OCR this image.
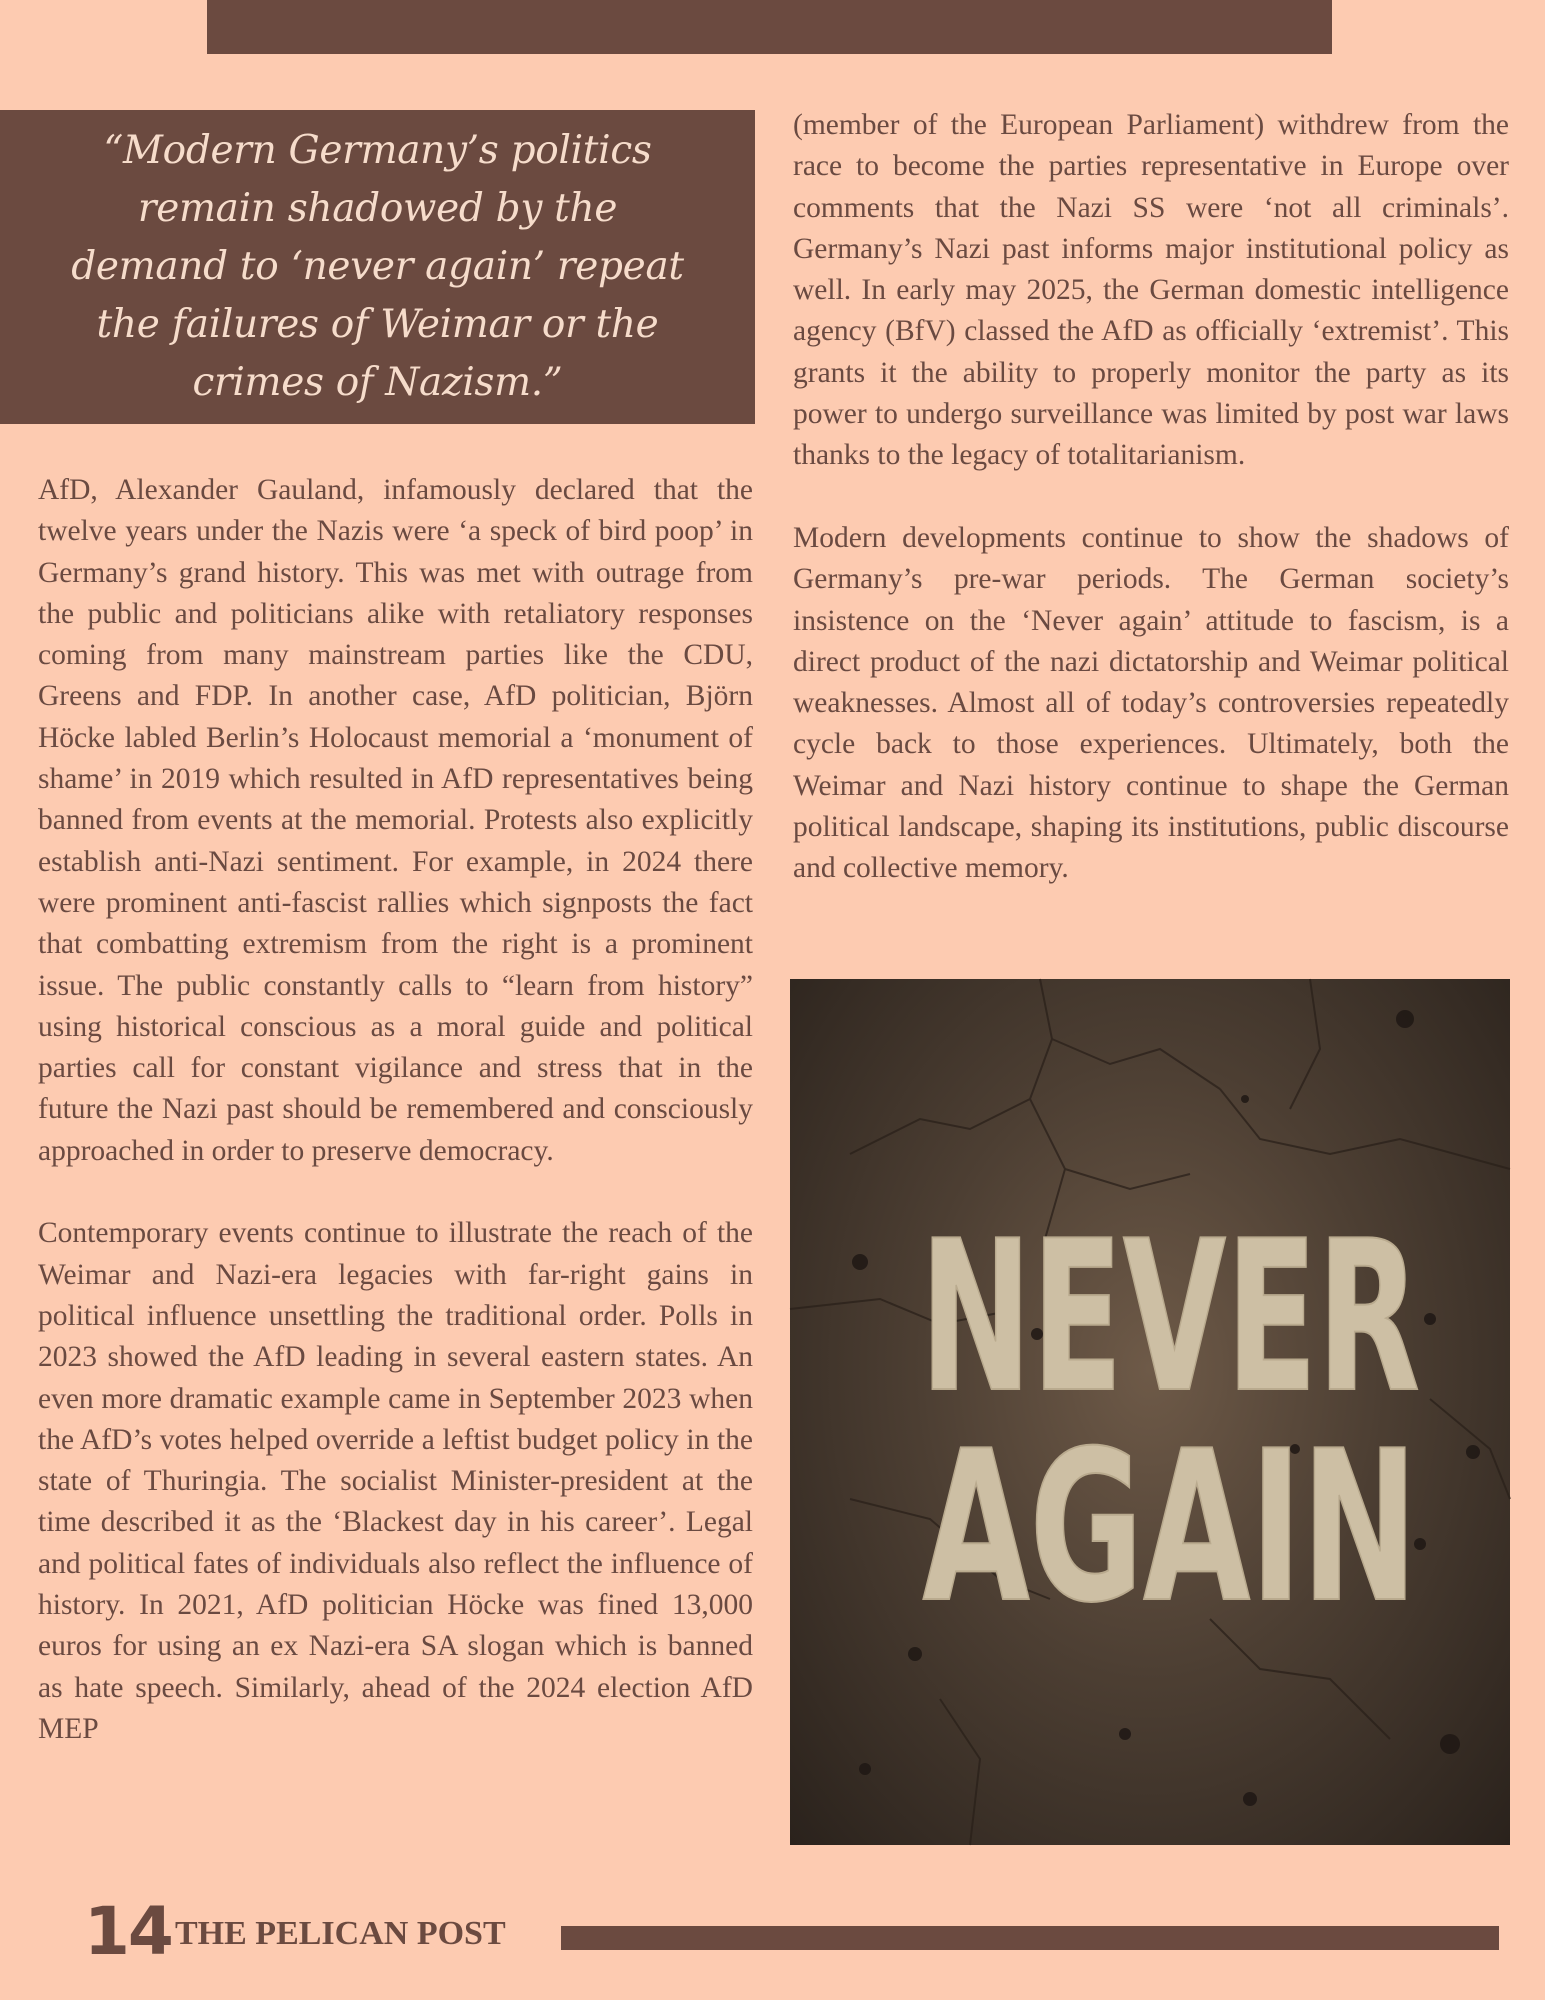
“Modern Germany’s politics remain shadowed by the demand to ‘never again’ repeat the failures of Weimar or the crimes of Nazism.”

AfD, Alexander Gauland, infamously declared that the twelve years under the Nazis were ‘a speck of bird poop’ in Germany’s grand history. This was met with outrage from the public and politicians alike with retaliatory responses coming from many mainstream parties like the CDU, Greens and FDP. In another case, AfD politician, Björn Höcke labled Berlin’s Holocaust memorial a ‘monument of shame’ in 2019 which resulted in AfD representatives being banned from events at the memorial. Protests also explicitly establish anti-Nazi sentiment. For example, in 2024 there were prominent anti-fascist rallies which signposts the fact that combatting extremism from the right is a prominent issue. The public constantly calls to “learn from history” using historical conscious as a moral guide and political parties call for constant vigilance and stress that in the future the Nazi past should be remembered and consciously approached in order to preserve democracy.

Contemporary events continue to illustrate the reach of the Weimar and Nazi-era legacies with far-right gains in political influence unsettling the traditional order. Polls in 2023 showed the AfD leading in several eastern states. An even more dramatic example came in September 2023 when the AfD’s votes helped override a leftist budget policy in the state of Thuringia. The socialist Minister-president at the time described it as the ‘Blackest day in his career’. Legal and political fates of individuals also reflect the influence of history. In 2021, AfD politician Höcke was fined 13,000 euros for using an ex Nazi-era SA slogan which is banned as hate speech. Similarly, ahead of the 2024 election AfD MEP

(member of the European Parliament) withdrew from the race to become the parties representative in Europe over comments that the Nazi SS were ‘not all criminals’. Germany’s Nazi past informs major institutional policy as well. In early may 2025, the German domestic intelligence agency (BfV) classed the AfD as officially ‘extremist’. This grants it the ability to properly monitor the party as its power to undergo surveillance was limited by post war laws thanks to the legacy of totalitarianism.

Modern developments continue to show the shadows of Germany’s pre-war periods. The German society’s insistence on the ‘Never again’ attitude to fascism, is a direct product of the nazi dictatorship and Weimar political weaknesses. Almost all of today’s controversies repeatedly cycle back to those experiences. Ultimately, both the Weimar and Nazi history continue to shape the German political landscape, shaping its institutions, public discourse and collective memory.

NEVER
AGAIN
14 THE PELICAN POST
